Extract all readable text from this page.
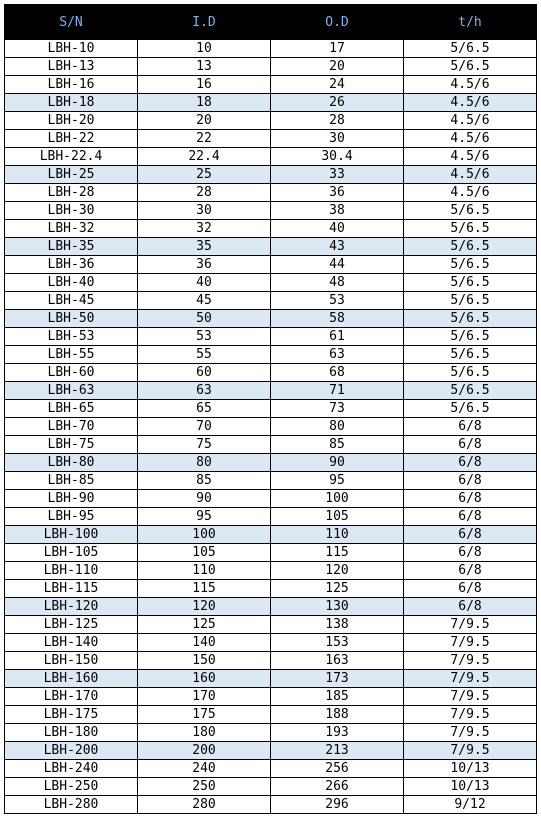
S/N	I.D	O.D	t/h
LBH-10	10	17	5/6.5
LBH-13	13	20	5/6.5
LBH-16	16	24	4.5/6
LBH-18	18	26	4.5/6
LBH-20	20	28	4.5/6
LBH-22	22	30	4.5/6
LBH-22.4	22.4	30.4	4.5/6
LBH-25	25	33	4.5/6
LBH-28	28	36	4.5/6
LBH-30	30	38	5/6.5
LBH-32	32	40	5/6.5
LBH-35	35	43	5/6.5
LBH-36	36	44	5/6.5
LBH-40	40	48	5/6.5
LBH-45	45	53	5/6.5
LBH-50	50	58	5/6.5
LBH-53	53	61	5/6.5
LBH-55	55	63	5/6.5
LBH-60	60	68	5/6.5
LBH-63	63	71	5/6.5
LBH-65	65	73	5/6.5
LBH-70	70	80	6/8
LBH-75	75	85	6/8
LBH-80	80	90	6/8
LBH-85	85	95	6/8
LBH-90	90	100	6/8
LBH-95	95	105	6/8
LBH-100	100	110	6/8
LBH-105	105	115	6/8
LBH-110	110	120	6/8
LBH-115	115	125	6/8
LBH-120	120	130	6/8
LBH-125	125	138	7/9.5
LBH-140	140	153	7/9.5
LBH-150	150	163	7/9.5
LBH-160	160	173	7/9.5
LBH-170	170	185	7/9.5
LBH-175	175	188	7/9.5
LBH-180	180	193	7/9.5
LBH-200	200	213	7/9.5
LBH-240	240	256	10/13
LBH-250	250	266	10/13
LBH-280	280	296	9/12
